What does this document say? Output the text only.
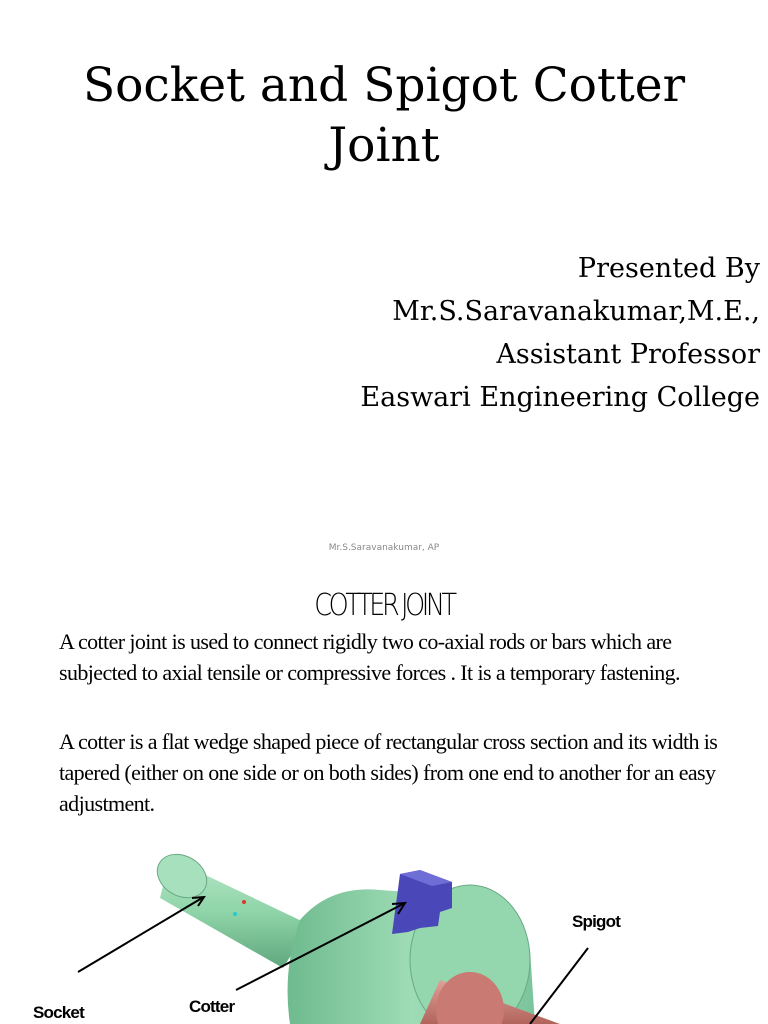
Socket and Spigot Cotter
Joint
Presented By
Mr.S.Saravanakumar,M.E.,
Assistant Professor
Easwari Engineering College
Mr.S.Saravanakumar, AP
COTTER JOINT

A cotter joint is used to connect rigidly two co-axial rods or bars which are subjected to axial tensile or compressive forces . It is a temporary fastening.

A cotter is a flat wedge shaped piece of rectangular cross section and its width is tapered (either on one side or on both sides) from one end to another for an easy adjustment.

Socket	Cotter
Spigot
